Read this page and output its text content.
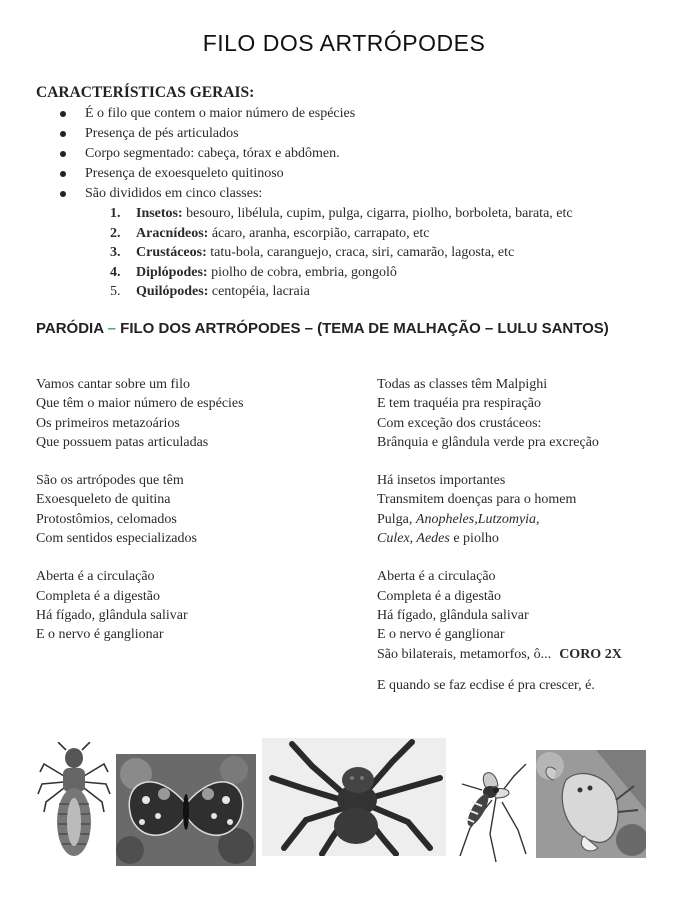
FILO DOS ARTRÓPODES
CARACTERÍSTICAS GERAIS:
É o filo que contem o maior número de espécies
Presença de pés articulados
Corpo segmentado: cabeça, tórax e abdômen.
Presença de exoesqueleto quitinoso
São divididos em cinco classes:
1. Insetos: besouro, libélula, cupim, pulga, cigarra, piolho, borboleta, barata, etc
2. Aracnídeos: ácaro, aranha, escorpião, carrapato, etc
3. Crustáceos: tatu-bola, caranguejo, craca, siri, camarão, lagosta, etc
4. Diplópodes: piolho de cobra, embria, gongolô
5. Quilópodes: centopéia, lacraia
PARÓDIA – FILO DOS ARTRÓPODES – (TEMA DE MALHAÇÃO – LULU SANTOS)
Vamos cantar sobre um filo
Que têm o maior número de espécies
Os primeiros metazoários
Que possuem patas articuladas
São os artrópodes que têm
Exoesqueleto de quitina
Protostômios, celomados
Com sentidos especializados
Aberta é a circulação
Completa é a digestão
Há fígado, glândula salivar
E o nervo é ganglionar
Todas as classes têm Malpighi
E tem traquéia pra respiração
Com exceção dos crustáceos:
Brânquia e glândula verde pra excreção
Há insetos importantes
Transmitem doenças para o homem
Pulga, Anopheles,Lutzomyia,
Culex, Aedes e piolho
Aberta é a circulação
Completa é a digestão
Há fígado, glândula salivar
E o nervo é ganglionar
São bilaterais, metamorfos, ô... CORO 2X
E quando se faz ecdise é pra crescer, é.
